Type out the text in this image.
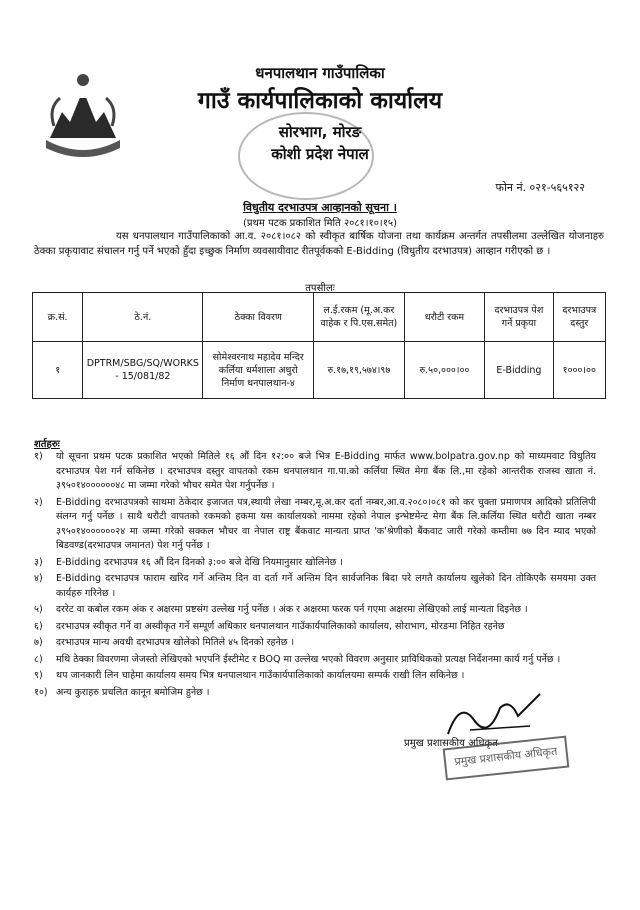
धनपालथान गाउँपालिका

गाउँ कार्यपालिकाको कार्यालय

सोरभाग, मोरङ

कोशी प्रदेश नेपाल

फोन नं. ०२१-५६५१२२
विधुतीय दरभाउपत्र आव्हानको सूचना ।
(प्रथम पटक प्रकाशित मिति २०८१।१०।१५)

यस धनपालथान गाउँपालिकाको आ.व. २०८१।०८२ को स्वीकृत बार्षिक योजना तथा कार्यक्रम अन्तर्गत तपसीलमा उल्लेखित योजनाहरु ठेक्का प्रकृयावाट संचालन गर्नु पर्ने भएको हुँदा इच्छुक निर्माण व्यवसायीवाट रीतपूर्वकको E-Bidding (विधुतीय दरभाउपत्र) आव्हान गरीएको छ ।

तपसीलः
क्र.सं.	ठे.नं.	ठेक्का विवरण	ल.ई.रकम (मू.अ.कर वाहेक र पि.एस.समेत)	धरौटी रकम	दरभाउपत्र पेश गर्ने प्रकृया	दरभाउपत्र दस्तुर
१	DPTRM/SBG/SQ/WORKS - 15/081/82	सोमेश्वरनाथ महादेव मन्दिर कर्लिया धर्मशाला अधुरो निर्माण धनपालथान-४	रु.१७,१९,५७४।९७	रु.५०,०००।००	E-Bidding	१०००।००
शर्तहरुः
१)	यो सूचना प्रथम पटक प्रकाशित भएको मितिले १६ औं दिन १२:०० बजे भित्र E-Bidding मार्फत www.bolpatra.gov.np को माध्यमवाट विधुतिय दरभाउपत्र पेश गर्न सकिनेछ । दरभाउपत्र दस्तुर वापतको रकम धनपालथान गा.पा.को कर्लिया स्थित मेगा बैंक लि.,मा रहेको आन्तरीक राजस्व खाता नं. ३९५०१४००००००४८ मा जम्मा गरेको भौचर समेत पेश गर्नुपर्नेछ ।
२)	E-Bidding दरभाउपत्रको साथमा ठेकेदार इजाजत पत्र,स्थायी लेखा नम्बर,मू.अ.कर दर्ता नम्बर,आ.व.२०८०।०८१ को कर चुक्ता प्रमाणपत्र आदिको प्रतिलिपी संलग्न गर्नु पर्नेछ । साथै धरौटी वापतको रकमको हकमा यस कार्यालयको नाममा रहेको नेपाल इन्भेष्टमेन्ट मेगा बैंक लि.कर्लिया स्थित धरौटी खाता नम्बर ३९५०१४००००००२४ मा जम्मा गरेको सक्कल भौचर वा नेपाल राष्ट्र बैंकवाट मान्यता प्राप्त 'क'श्रेणीको बैंकवाट जारी गरेको कम्तीमा ७७ दिन म्याद भएको बिडवण्ड(दरभाउपत्र जमानत) पेश गर्नु पर्नेछ ।
३)	E-Bidding दरभाउपत्र १६ औं दिन दिनको ३:०० बजे देखि नियमानुसार खोलिनेछ ।
४)	E-Bidding दरभाउपत्र फाराम खरिद गर्ने अन्तिम दिन वा दर्ता गर्ने अन्तिम दिन सार्वजनिक बिदा परे लगतै कार्यालय खुलेको दिन तोकिएकै समयमा उक्त कार्यहरु गरिनेछ ।
५)	दररेट वा कबोल रकम अंक र अक्षरमा प्रष्टसंग उल्लेख गर्नु पर्नेछ । अंक र अक्षरमा फरक पर्न गएमा अक्षरमा लेखिएको लाई मान्यता दिइनेछ ।
६)	दरभाउपत्र स्वीकृत गर्ने वा अस्वीकृत गर्ने सम्पूर्ण अधिकार धनपालथान गाउँकार्यपालिकाको कार्यालय, सोराभाग, मोरङमा निहित रहनेछ
७)	दरभाउपत्र मान्य अवधी दरभाउपत्र खोलेको मितिले ४५ दिनको रहनेछ ।
८)	मथि ठेक्का विवरणमा जेजस्तो लेखिएको भएपनि ईस्टीमेट र BOQ मा उल्लेख भएको विवरण अनुसार प्राविधिकको प्रत्यक्ष निर्देशनमा कार्य गर्नु पर्नेछ ।
९)	थप जानकारी लिन चाहेमा कार्यालय समय भित्र धनपालथान गाउँकार्यपालिकाको कार्यालयमा सम्पर्क राखी लिन सकिनेछ ।
१०) अन्य कुराहरु प्रचलित कानून बमोजिम हुनेछ ।
प्रमुख प्रशासकीय अधिकृत
प्रमुख प्रशासकीय अधिकृत
